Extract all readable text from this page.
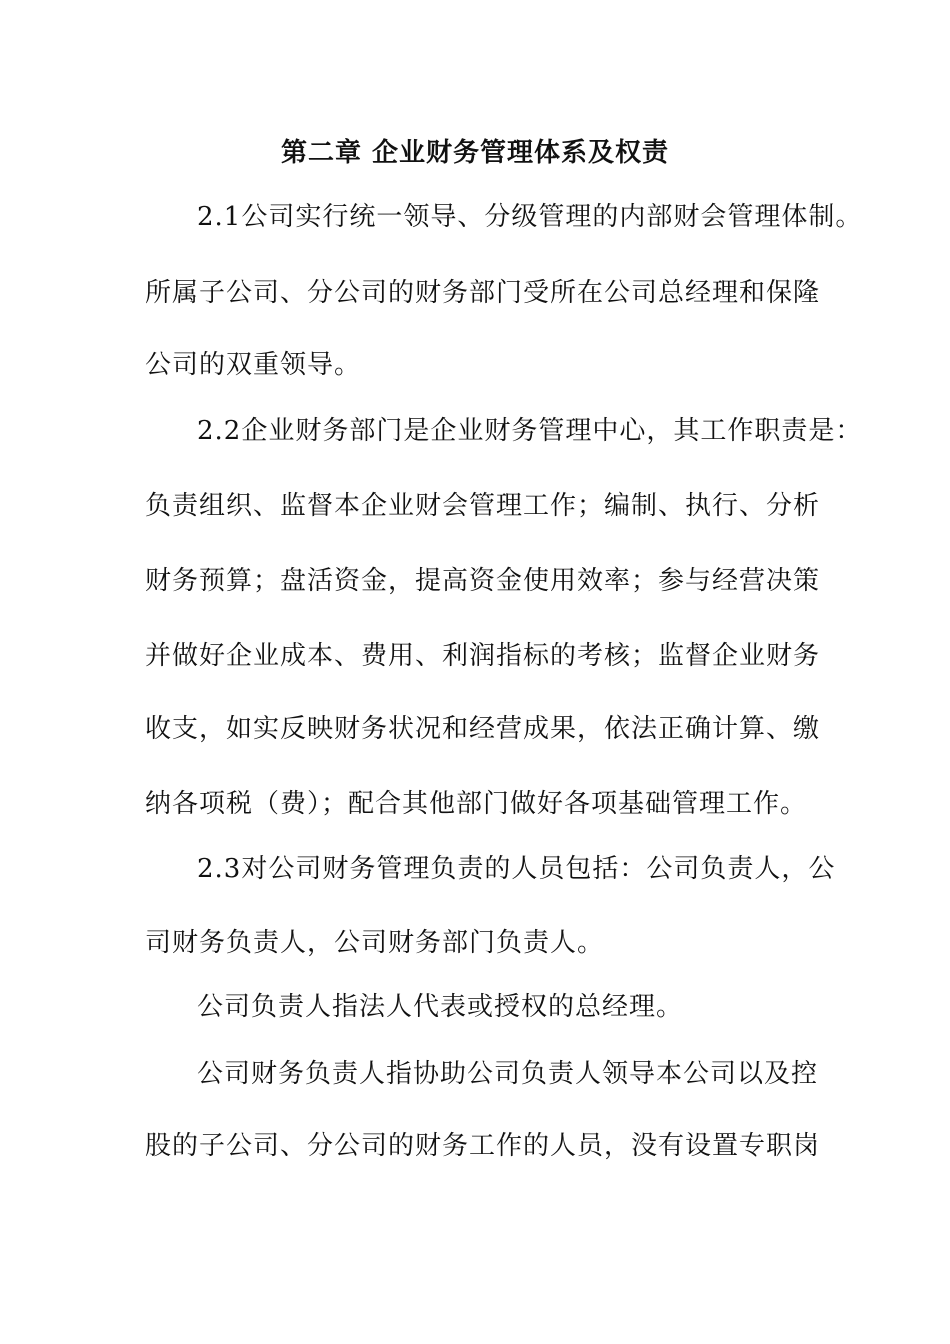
第二章 企业财务管理体系及权责
2.1公司实行统一领导、分级管理的内部财会管理体制。
所属子公司、分公司的财务部门受所在公司总经理和保隆
公司的双重领导。
2.2企业财务部门是企业财务管理中心，其工作职责是：
负责组织、监督本企业财会管理工作；编制、执行、分析
财务预算；盘活资金，提高资金使用效率；参与经营决策
并做好企业成本、费用、利润指标的考核；监督企业财务
收支，如实反映财务状况和经营成果，依法正确计算、缴
纳各项税（费）；配合其他部门做好各项基础管理工作。
2.3对公司财务管理负责的人员包括：公司负责人，公
司财务负责人，公司财务部门负责人。
公司负责人指法人代表或授权的总经理。
公司财务负责人指协助公司负责人领导本公司以及控
股的子公司、分公司的财务工作的人员，没有设置专职岗
